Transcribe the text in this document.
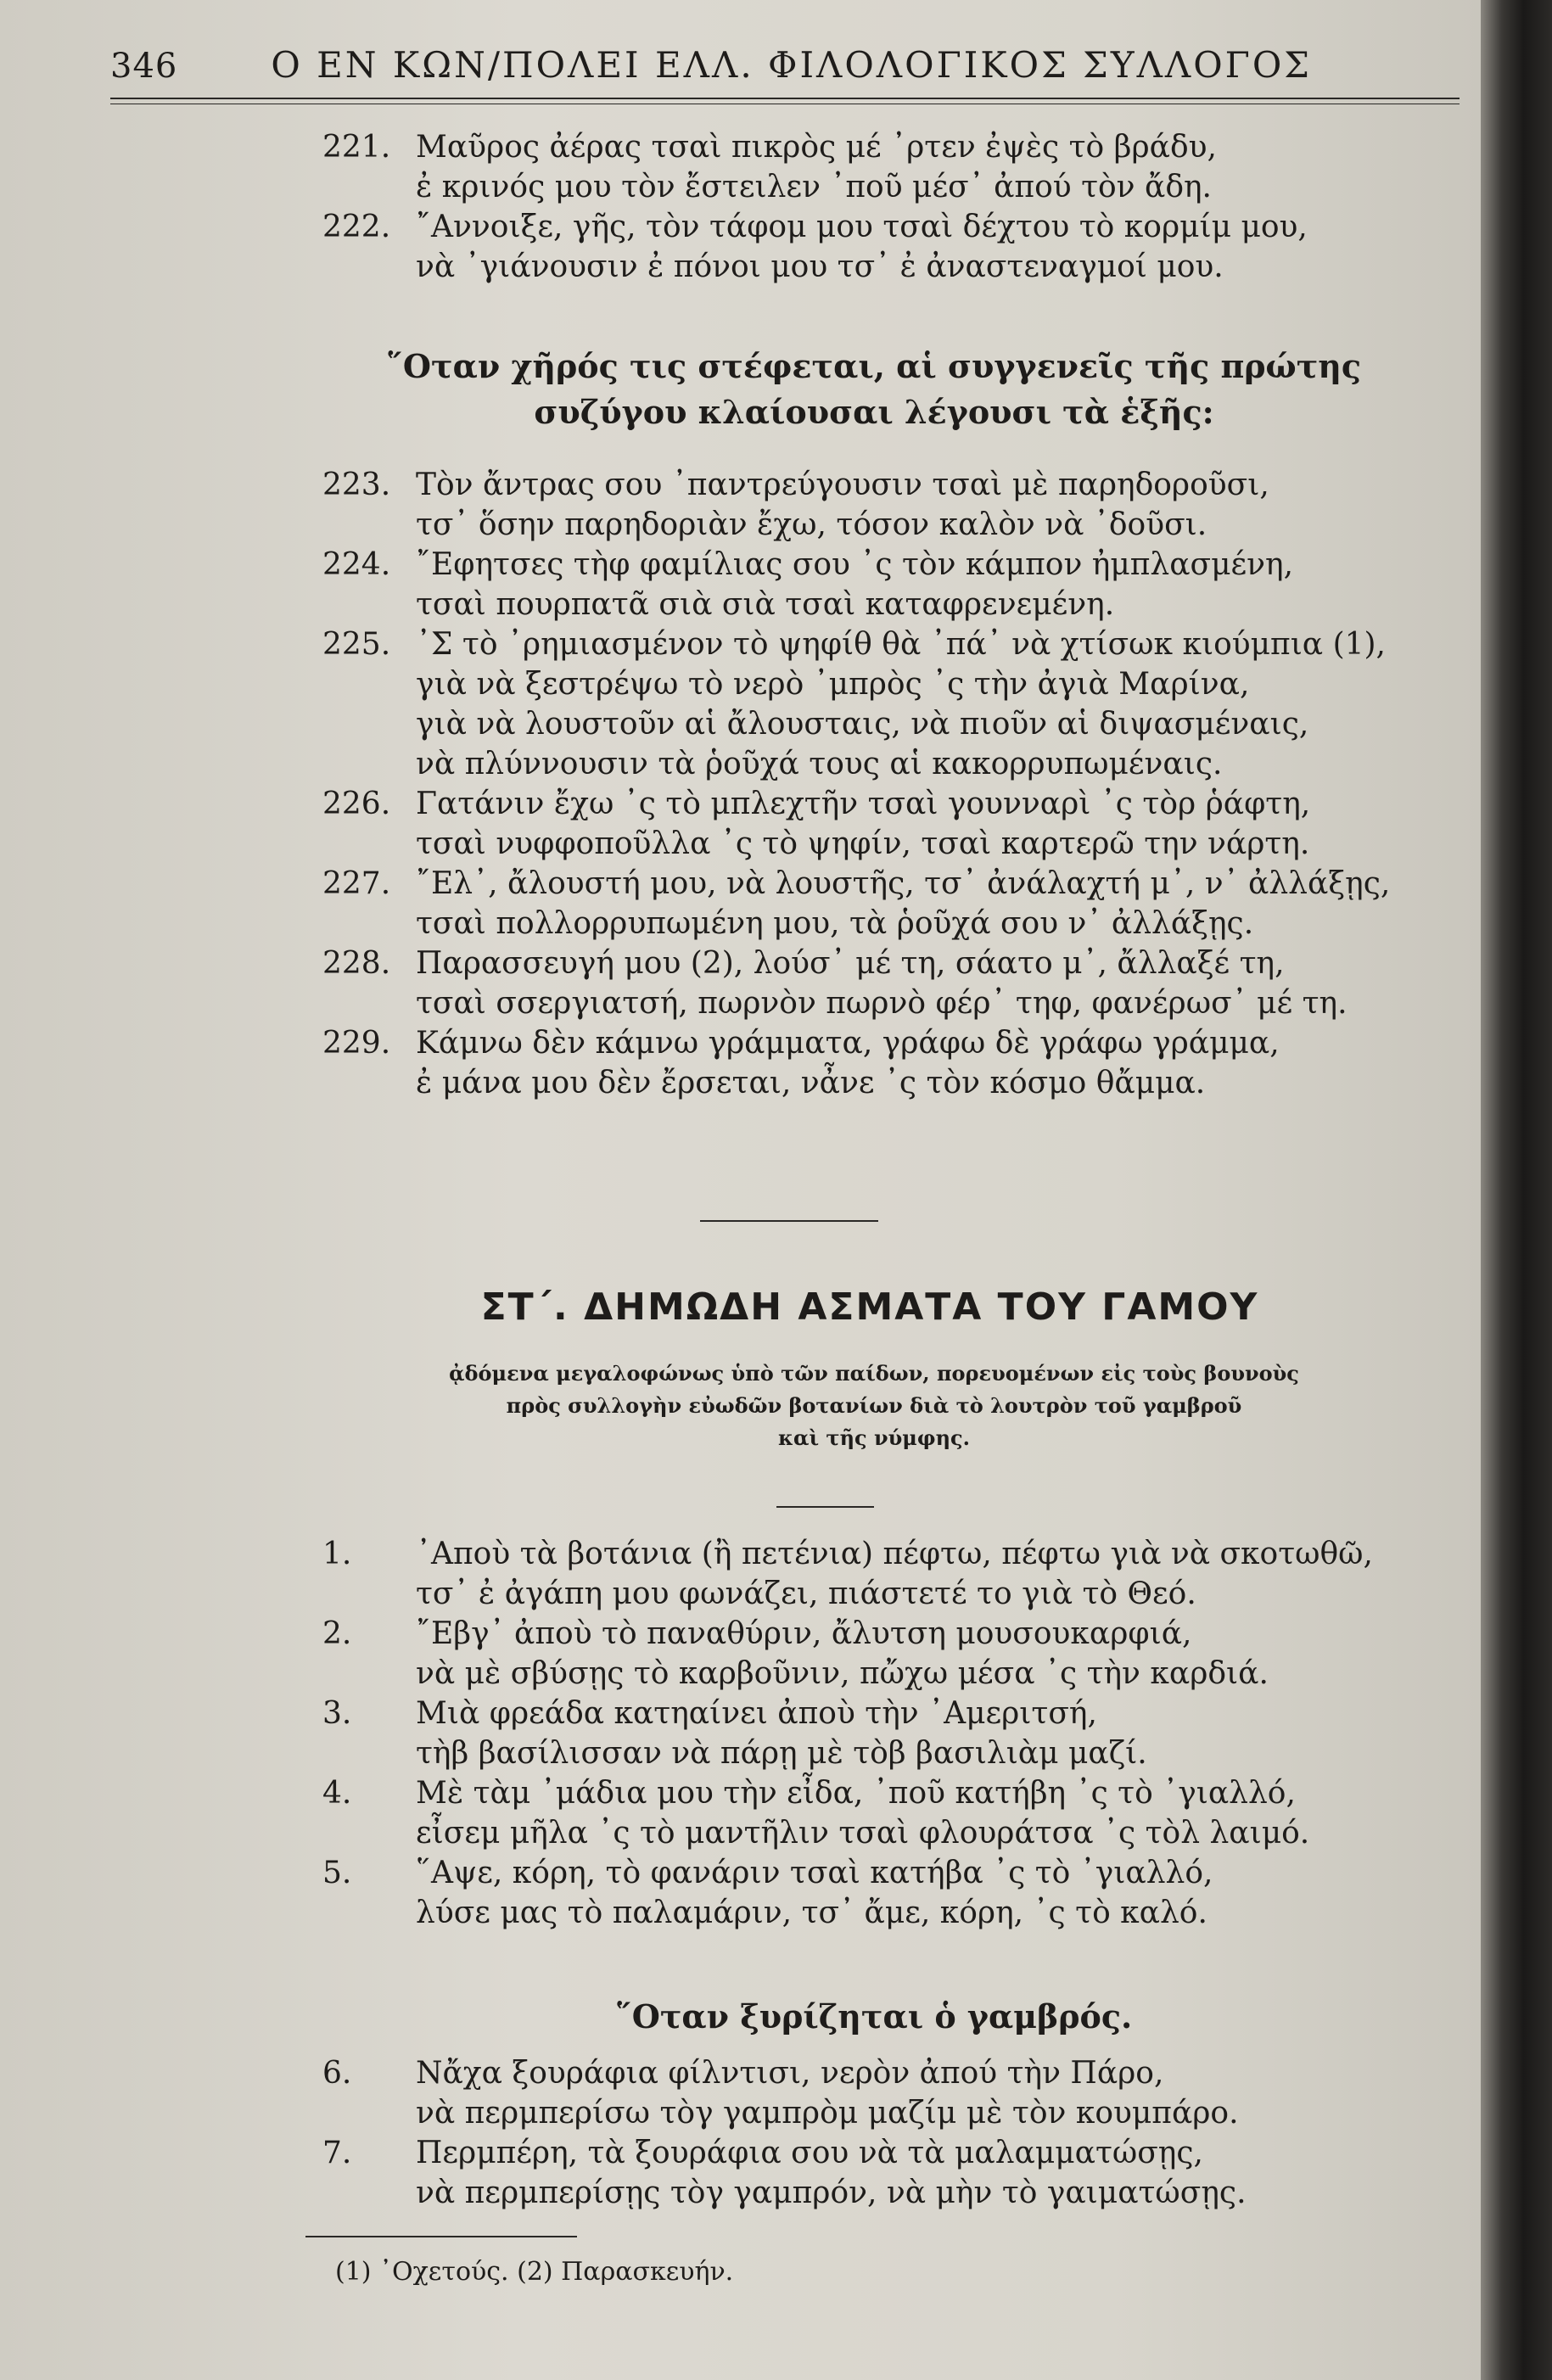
346	Ο ΕΝ ΚΩΝ/ΠΟΛΕΙ ΕΛΛ. ΦΙΛΟΛΟΓΙΚΟΣ ΣΥΛΛΟΓΟΣ
221. Μαῦρος ἀέρας τσαὶ πικρὸς μέ ᾽ρτεν ἐψὲς τὸ βράδυ,
ἐ κρινός μου τὸν ἔστειλεν ᾽ποῦ μέσ᾽ ἀπού τὸν ἄδη.
222. ῎Αννοιξε, γῆς, τὸν τάφομ μου τσαὶ δέχτου τὸ κορμίμ μου,
νὰ ᾽γιάνουσιν ἐ πόνοι μου τσ᾽ ἐ ἀναστεναγμοί μου.
῞Οταν χῆρός τις στέφεται, αἱ συγγενεῖς τῆς πρώτης
συζύγου κλαίουσαι λέγουσι τὰ ἑξῆς:
223. Τὸν ἄντρας σου ᾽παντρεύγουσιν τσαὶ μὲ παρηδοροῦσι,
τσ᾽ ὅσην παρηδοριὰν ἔχω, τόσον καλὸν νὰ ᾽δοῦσι.
224. ῎Εφητσες τὴφ φαμίλιας σου ᾽ς τὸν κάμπον ἠμπλασμένη,
τσαὶ πουρπατᾶ σιὰ σιὰ τσαὶ καταφρενεμένη.
225. ᾽Σ τὸ ᾽ρημιασμένον τὸ ψηφίθ θὰ ᾽πά᾽ νὰ χτίσωκ κιούμπια (1),
γιὰ νὰ ξεστρέψω τὸ νερὸ ᾽μπρὸς ᾽ς τὴν ἀγιὰ Μαρίνα,
γιὰ νὰ λουστοῦν αἱ ἄλουσταις, νὰ πιοῦν αἱ διψασμέναις,
νὰ πλύννουσιν τὰ ῥοῦχά τους αἱ κακορρυπωμέναις.
226. Γατάνιν ἔχω ᾽ς τὸ μπλεχτῆν τσαὶ γουνναρὶ ᾽ς τὸρ ῥάφτη,
τσαὶ νυφφοποῦλλα ᾽ς τὸ ψηφίν, τσαὶ καρτερῶ την νάρτη.
227. ῎Ελ᾽, ἄλουστή μου, νὰ λουστῆς, τσ᾽ ἀνάλαχτή μ᾽, ν᾽ ἀλλάξῃς,
τσαὶ πολλορρυπωμένη μου, τὰ ῥοῦχά σου ν᾽ ἀλλάξῃς.
228. Παρασσευγή μου (2), λούσ᾽ μέ τη, σάατο μ᾽, ἄλλαξέ τη,
τσαὶ σσεργιατσή, πωρνὸν πωρνὸ φέρ᾽ τηφ, φανέρωσ᾽ μέ τη.
229. Κάμνω δὲν κάμνω γράμματα, γράφω δὲ γράφω γράμμα,
ἐ μάνα μου δὲν ἔρσεται, νἆνε ᾽ς τὸν κόσμο θἄμμα.
ΣΤ΄. ΔΗΜΩΔΗ ΑΣΜΑΤΑ ΤΟΥ ΓΑΜΟΥ
ᾀδόμενα μεγαλοφώνως ὑπὸ τῶν παίδων, πορευομένων εἰς τοὺς βουνοὺς
πρὸς συλλογὴν εὐωδῶν βοτανίων διὰ τὸ λουτρὸν τοῦ γαμβροῦ
καὶ τῆς νύμφης.
1.	᾽Αποὺ τὰ βοτάνια (ἢ πετένια) πέφτω, πέφτω γιὰ νὰ σκοτωθῶ,
τσ᾽ ἐ ἀγάπη μου φωνάζει, πιάστετέ το γιὰ τὸ Θεό.
2.	῎Εβγ᾽ ἀποὺ τὸ παναθύριν, ἄλυτση μουσουκαρφιά,
νὰ μὲ σβύσῃς τὸ καρβοῦνιν, πὤχω μέσα ᾽ς τὴν καρδιά.
3.	Μιὰ φρεάδα κατηαίνει ἀποὺ τὴν ᾽Αμεριτσή,
τὴβ βασίλισσαν νὰ πάρῃ μὲ τὸβ βασιλιὰμ μαζί.
4.	Μὲ τὰμ ᾽μάδια μου τὴν εἶδα, ᾽ποῦ κατήβη ᾽ς τὸ ᾽γιαλλό,
εἶσεμ μῆλα ᾽ς τὸ μαντῆλιν τσαὶ φλουράτσα ᾽ς τὸλ λαιμό.
5.	῞Αψε, κόρη, τὸ φανάριν τσαὶ κατήβα ᾽ς τὸ ᾽γιαλλό,
λύσε μας τὸ παλαμάριν, τσ᾽ ἄμε, κόρη, ᾽ς τὸ καλό.
῞Οταν ξυρίζηται ὁ γαμβρός.
6.	Νἄχα ξουράφια φίλντισι, νερὸν ἀπού τὴν Πάρο,
νὰ περμπερίσω τὸγ γαμπρὸμ μαζίμ μὲ τὸν κουμπάρο.
7.	Περμπέρη, τὰ ξουράφια σου νὰ τὰ μαλαμματώσῃς,
νὰ περμπερίσῃς τὸγ γαμπρόν, νὰ μὴν τὸ γαιματώσῃς.
(1) ᾽Οχετούς. (2) Παρασκευήν.
